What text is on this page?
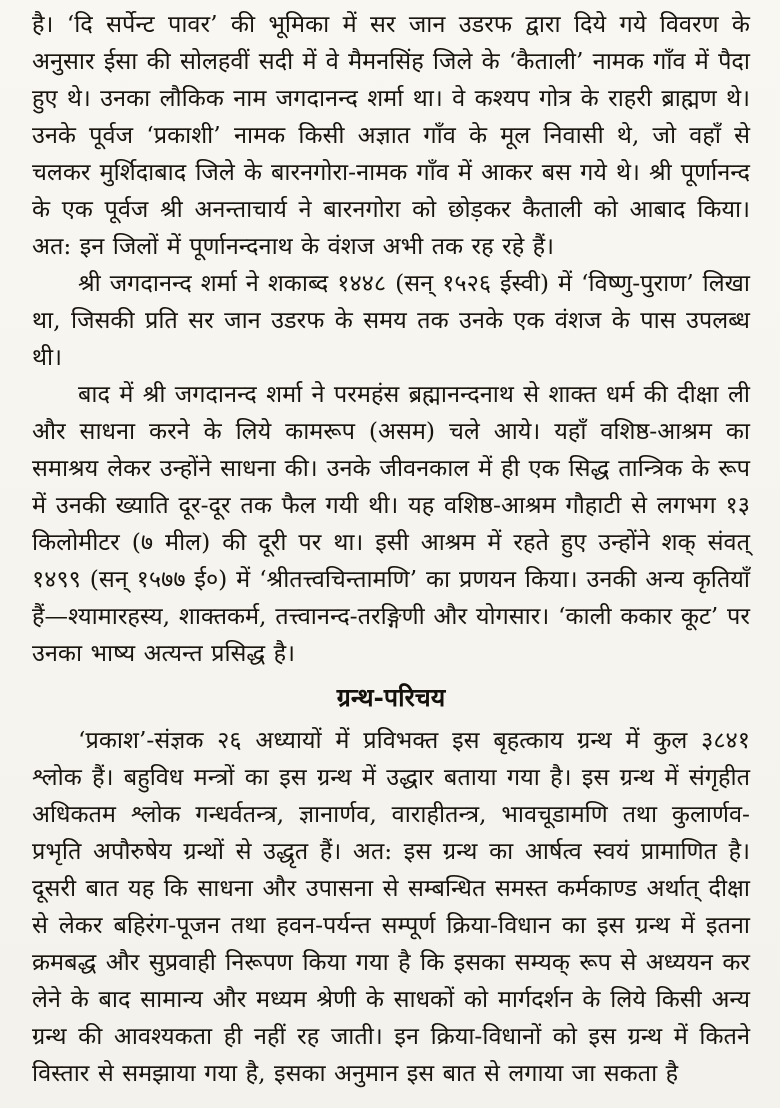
है। ‘दि सर्पेन्ट पावर’ की भूमिका में सर जान उडरफ द्वारा दिये गये विवरण के अनुसार ईसा की सोलहवीं सदी में वे मैमनसिंह जिले के ‘कैताली’ नामक गाँव में पैदा हुए थे। उनका लौकिक नाम जगदानन्द शर्मा था। वे कश्यप गोत्र के राहरी ब्राह्मण थे। उनके पूर्वज ‘प्रकाशी’ नामक किसी अज्ञात गाँव के मूल निवासी थे, जो वहाँ से चलकर मुर्शिदाबाद जिले के बारनगोरा-नामक गाँव में आकर बस गये थे। श्री पूर्णानन्द के एक पूर्वज श्री अनन्ताचार्य ने बारनगोरा को छोड़कर कैताली को आबाद किया। अत: इन जिलों में पूर्णानन्दनाथ के वंशज अभी तक रह रहे हैं।

श्री जगदानन्द शर्मा ने शकाब्द १४४८ (सन् १५२६ ईस्वी) में ‘विष्णु-पुराण’ लिखा था, जिसकी प्रति सर जान उडरफ के समय तक उनके एक वंशज के पास उपलब्ध थी।

बाद में श्री जगदानन्द शर्मा ने परमहंस ब्रह्मानन्दनाथ से शाक्त धर्म की दीक्षा ली और साधना करने के लिये कामरूप (असम) चले आये। यहाँ वशिष्ठ-आश्रम का समाश्रय लेकर उन्होंने साधना की। उनके जीवनकाल में ही एक सिद्ध तान्त्रिक के रूप में उनकी ख्याति दूर-दूर तक फैल गयी थी। यह वशिष्ठ-आश्रम गौहाटी से लगभग १३ किलोमीटर (७ मील) की दूरी पर था। इसी आश्रम में रहते हुए उन्होंने शक् संवत् १४९९ (सन् १५७७ ई०) में ‘श्रीतत्त्वचिन्तामणि’ का प्रणयन किया। उनकी अन्य कृतियाँ हैं—श्यामारहस्य, शाक्तकर्म, तत्त्वानन्द-तरङ्गिणी और योगसार। ‘काली ककार कूट’ पर उनका भाष्य अत्यन्त प्रसिद्ध है।

ग्रन्थ-परिचय

‘प्रकाश’-संज्ञक २६ अध्यायों में प्रविभक्त इस बृहत्काय ग्रन्थ में कुल ३८४१ श्लोक हैं। बहुविध मन्त्रों का इस ग्रन्थ में उद्धार बताया गया है। इस ग्रन्थ में संगृहीत अधिकतम श्लोक गन्धर्वतन्त्र, ज्ञानार्णव, वाराहीतन्त्र, भावचूडामणि तथा कुलार्णव-प्रभृति अपौरुषेय ग्रन्थों से उद्धृत हैं। अत: इस ग्रन्थ का आर्षत्व स्वयं प्रामाणित है। दूसरी बात यह कि साधना और उपासना से सम्बन्धित समस्त कर्मकाण्ड अर्थात् दीक्षा से लेकर बहिरंग-पूजन तथा हवन-पर्यन्त सम्पूर्ण क्रिया-विधान का इस ग्रन्थ में इतना क्रमबद्ध और सुप्रवाही निरूपण किया गया है कि इसका सम्यक् रूप से अध्ययन कर लेने के बाद सामान्य और मध्यम श्रेणी के साधकों को मार्गदर्शन के लिये किसी अन्य ग्रन्थ की आवश्यकता ही नहीं रह जाती। इन क्रिया-विधानों को इस ग्रन्थ में कितने विस्तार से समझाया गया है, इसका अनुमान इस बात से लगाया जा सकता है
